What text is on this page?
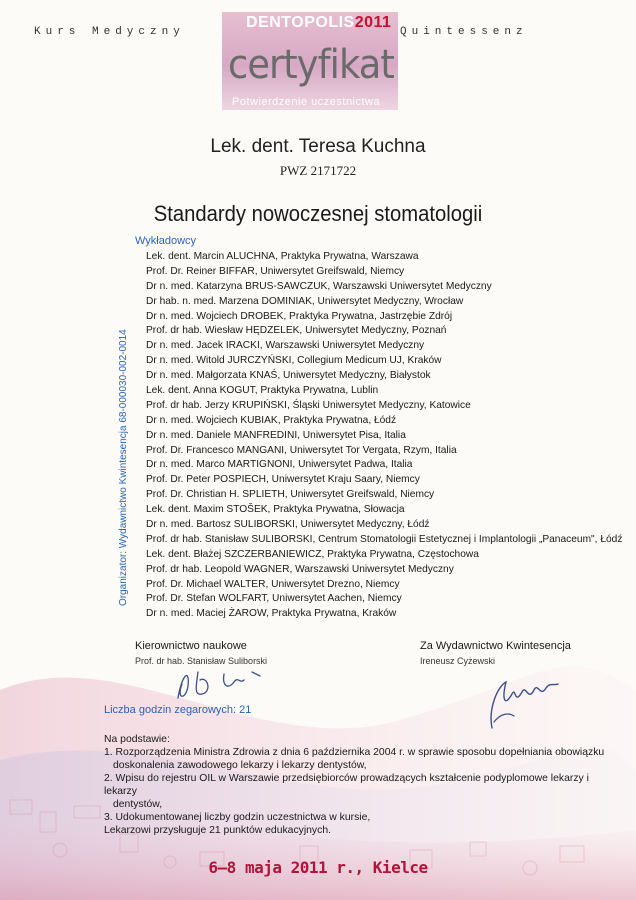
Kurs Medyczny	Quintessenz
DENTOPOLIS2011
certyfikat
Potwierdzenie uczestnictwa
Lek. dent. Teresa Kuchna
PWZ 2171722
Standardy nowoczesnej stomatologii
Wykładowcy
Lek. dent. Marcin ALUCHNA, Praktyka Prywatna, Warszawa
Prof. Dr. Reiner BIFFAR, Uniwersytet Greifswald, Niemcy
Dr n. med. Katarzyna BRUS-SAWCZUK, Warszawski Uniwersytet Medyczny
Dr hab. n. med. Marzena DOMINIAK, Uniwersytet Medyczny, Wrocław
Dr n. med. Wojciech DROBEK, Praktyka Prywatna, Jastrzębie Zdrój
Prof. dr hab. Wiesław HĘDZELEK, Uniwersytet Medyczny, Poznań
Dr n. med. Jacek IRACKI, Warszawski Uniwersytet Medyczny
Dr n. med. Witold JURCZYŃSKI, Collegium Medicum UJ, Kraków
Dr n. med. Małgorzata KNAŚ, Uniwersytet Medyczny, Białystok
Lek. dent. Anna KOGUT, Praktyka Prywatna, Lublin
Prof. dr hab. Jerzy KRUPIŃSKI, Śląski Uniwersytet Medyczny, Katowice
Dr n. med. Wojciech KUBIAK, Praktyka Prywatna, Łódź
Dr n. med. Daniele MANFREDINI, Uniwersytet Pisa, Italia
Prof. Dr. Francesco MANGANI, Uniwersytet Tor Vergata, Rzym, Italia
Dr n. med. Marco MARTIGNONI, Uniwersytet Padwa, Italia
Prof. Dr. Peter POSPIECH, Uniwersytet Kraju Saary, Niemcy
Prof. Dr. Christian H. SPLIETH, Uniwersytet Greifswald, Niemcy
Lek. dent. Maxim STOŠEK, Praktyka Prywatna, Słowacja
Dr n. med. Bartosz SULIBORSKI, Uniwersytet Medyczny, Łódź
Prof. dr hab. Stanisław SULIBORSKI, Centrum Stomatologii Estetycznej i Implantologii „Panaceum", Łódź
Lek. dent. Błażej SZCZERBANIEWICZ, Praktyka Prywatna, Częstochowa
Prof. dr hab. Leopold WAGNER, Warszawski Uniwersytet Medyczny
Prof. Dr. Michael WALTER, Uniwersytet Drezno, Niemcy
Prof. Dr. Stefan WOLFART, Uniwersytet Aachen, Niemcy
Dr n. med. Maciej ŻAROW, Praktyka Prywatna, Kraków
Organizator: Wydawnictwo Kwintesencja 68-000030-002-0014
Kierownictwo naukowe
Prof. dr hab. Stanisław Suliborski
Za Wydawnictwo Kwintesencja
Ireneusz Cyżewski
Liczba godzin zegarowych: 21
Na podstawie:
1. Rozporządzenia Ministra Zdrowia z dnia 6 października 2004 r. w sprawie sposobu dopełniania obowiązku
doskonalenia zawodowego lekarzy i lekarzy dentystów,
2. Wpisu do rejestru OIL w Warszawie przedsiębiorców prowadzących kształcenie podyplomowe lekarzy i lekarzy
dentystów,
3. Udokumentowanej liczby godzin uczestnictwa w kursie,
Lekarzowi przysługuje 21 punktów edukacyjnych.
6–8 maja 2011 r., Kielce
